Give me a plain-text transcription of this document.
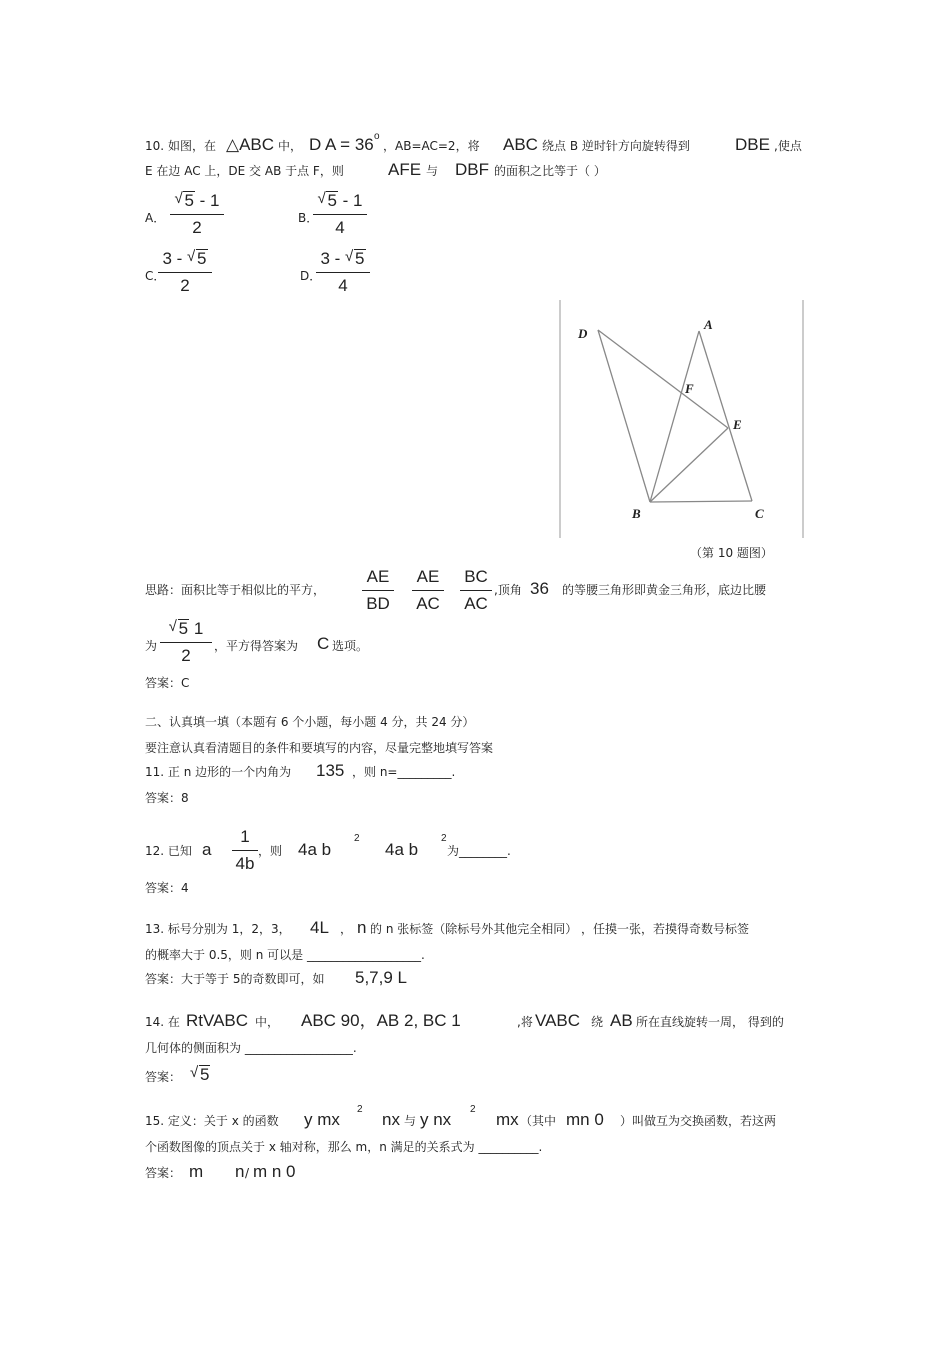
10. 如图，在 △ABC 中， D A = 36 o
，AB=AC=2，将 ABC 绕点 B 逆时针方向旋转得到	DBE ,使点
E 在边 AC 上，DE 交 AB 于点 F，则	AFE 与 DBF 的面积之比等于（ ）
A．
√ 5 - 1
2	B．
√ 5 - 1
4
C．
3 - √ 5
2	D．
3 - √ 5
4
D
A
F
E
B	C
（第 10 题图）
思路：面积比等于相似比的平方，
AE
BD
AE
AC
BC
AC
,顶角 36 的等腰三角形即黄金三角形，底边比腰
为
√ 5 1
2	，平方得答案为 C 选项。
答案：C
二、认真填一填（本题有 6 个小题，每小题 4 分，共 24 分）
要注意认真看清题目的条件和要填写的内容，尽量完整地填写答案
11. 正 n 边形的一个内角为 135 ，则 n=_________.
答案：8
12. 已知 a
1
4b
，则 4a b
2
4a b
2
为________.
答案：4
13. 标号分别为 1，2，3， 4L ， n 的 n 张标签（除标号外其他完全相同） ，任摸一张，若摸得奇数号标签
的概率大于 0.5，则 n 可以是 ___________________.
答案：大于等于 5的奇数即可，如 5,7,9 L
14. 在 RtVABC 中， ABC 90，AB 2, BC 1	,将 VABC 绕 AB 所在直线旋转一周， 得到的
几何体的侧面积为 __________________.
答案： √ 5
15. 定义：关于 x 的函数 y mx
2
nx 与 y nx
2
mx （其中 mn 0 ）叫做互为交换函数，若这两
个函数图像的顶点关于 x 轴对称，那么 m，n 满足的关系式为 __________.
答案： m n / m n 0
